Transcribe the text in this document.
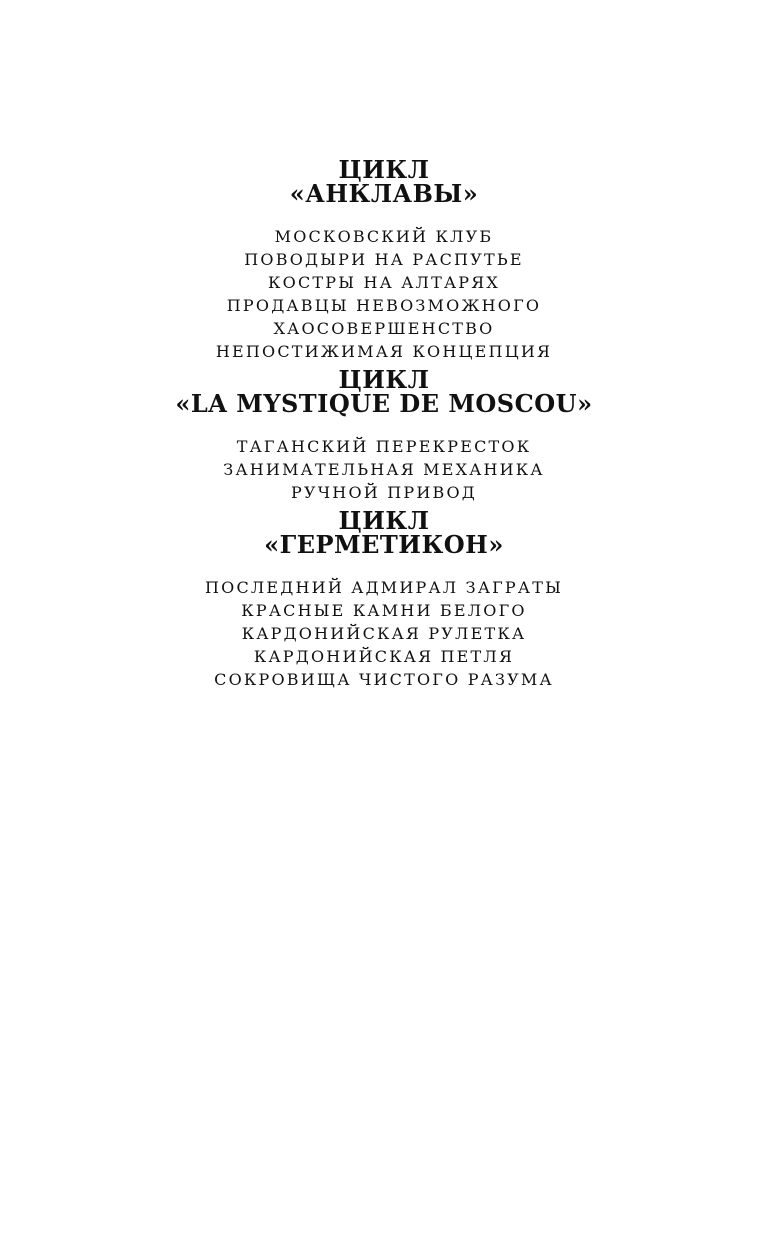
ЦИКЛ
«АНКЛАВЫ»
МОСКОВСКИЙ КЛУБ
ПОВОДЫРИ НА РАСПУТЬЕ
КОСТРЫ НА АЛТАРЯХ
ПРОДАВЦЫ НЕВОЗМОЖНОГО
ХАОСОВЕРШЕНСТВО
НЕПОСТИЖИМАЯ КОНЦЕПЦИЯ
ЦИКЛ
«LA MYSTIQUE DE MOSCOU»
ТАГАНСКИЙ ПЕРЕКРЕСТОК
ЗАНИМАТЕЛЬНАЯ МЕХАНИКА
РУЧНОЙ ПРИВОД
ЦИКЛ
«ГЕРМЕТИКОН»
ПОСЛЕДНИЙ АДМИРАЛ ЗАГРАТЫ
КРАСНЫЕ КАМНИ БЕЛОГО
КАРДОНИЙСКАЯ РУЛЕТКА
КАРДОНИЙСКАЯ ПЕТЛЯ
СОКРОВИЩА ЧИСТОГО РАЗУМА
